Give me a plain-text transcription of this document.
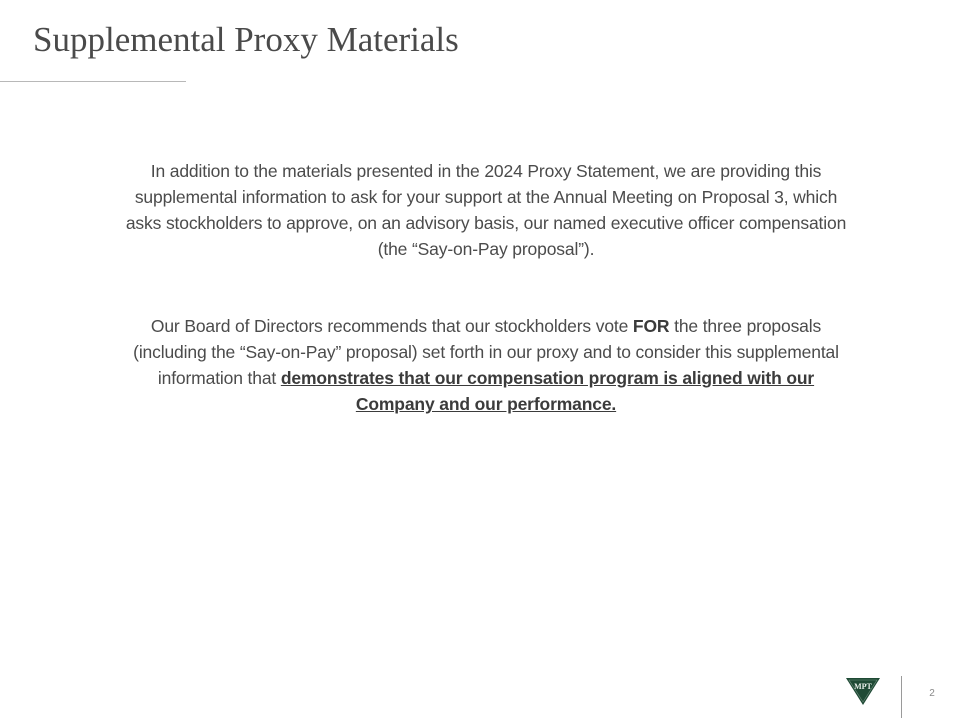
Supplemental Proxy Materials

In addition to the materials presented in the 2024 Proxy Statement, we are providing this supplemental information to ask for your support at the Annual Meeting on Proposal 3, which asks stockholders to approve, on an advisory basis, our named executive officer compensation (the “Say-on-Pay proposal”).

Our Board of Directors recommends that our stockholders vote FOR the three proposals (including the “Say-on-Pay” proposal) set forth in our proxy and to consider this supplemental information that demonstrates that our compensation program is aligned with our Company and our performance.

MPT
2
